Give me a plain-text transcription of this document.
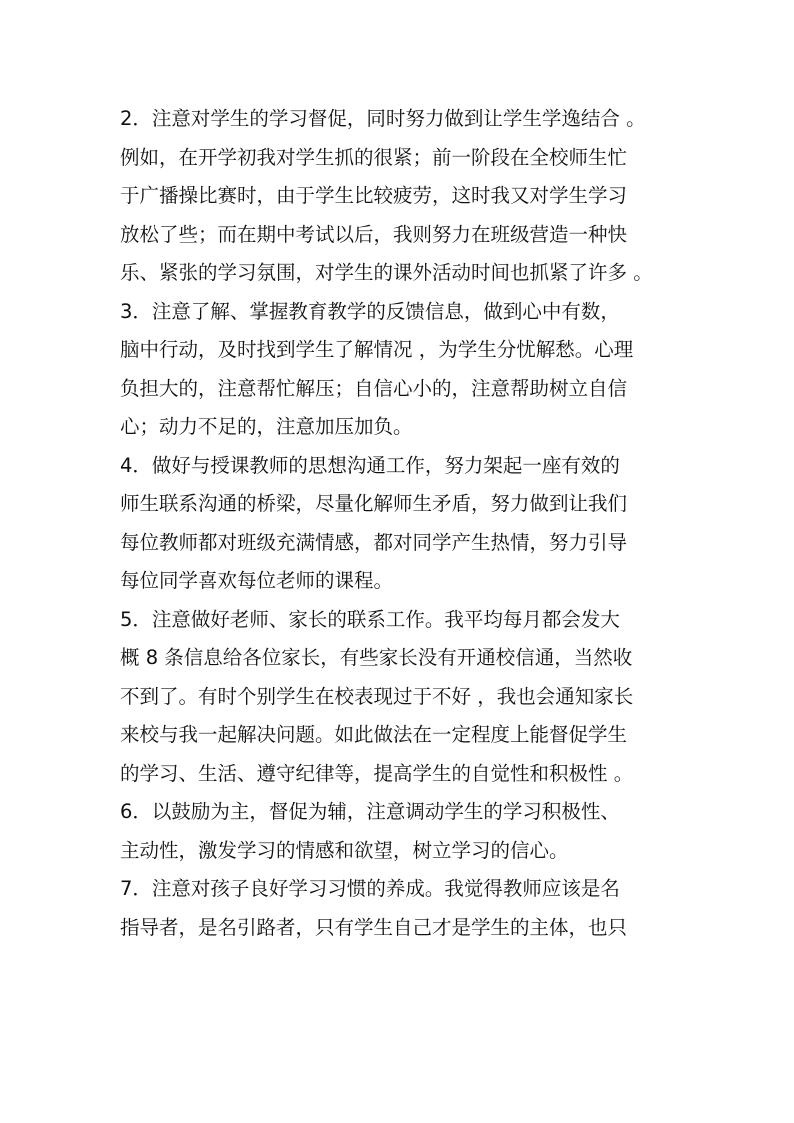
2．注意对学生的学习督促，同时努力做到让学生学逸结合 。
例如，在开学初我对学生抓的很紧；前一阶段在全校师生忙
于广播操比赛时，由于学生比较疲劳，这时我又对学生学习
放松了些；而在期中考试以后，我则努力在班级营造一种快
乐、紧张的学习氛围，对学生的课外活动时间也抓紧了许多 。
3．注意了解、掌握教育教学的反馈信息，做到心中有数，
脑中行动，及时找到学生了解情况 ，为学生分忧解愁。心理
负担大的，注意帮忙解压；自信心小的，注意帮助树立自信
心；动力不足的，注意加压加负。
4．做好与授课教师的思想沟通工作，努力架起一座有效的
师生联系沟通的桥梁，尽量化解师生矛盾，努力做到让我们
每位教师都对班级充满情感，都对同学产生热情，努力引导
每位同学喜欢每位老师的课程。
5．注意做好老师、家长的联系工作。我平均每月都会发大
概 8 条信息给各位家长，有些家长没有开通校信通，当然收
不到了。有时个别学生在校表现过于不好 ，我也会通知家长
来校与我一起解决问题。如此做法在一定程度上能督促学生
的学习、生活、遵守纪律等，提高学生的自觉性和积极性 。
6．以鼓励为主，督促为辅，注意调动学生的学习积极性、
主动性，激发学习的情感和欲望，树立学习的信心。
7．注意对孩子良好学习习惯的养成。我觉得教师应该是名
指导者，是名引路者，只有学生自己才是学生的主体，也只
